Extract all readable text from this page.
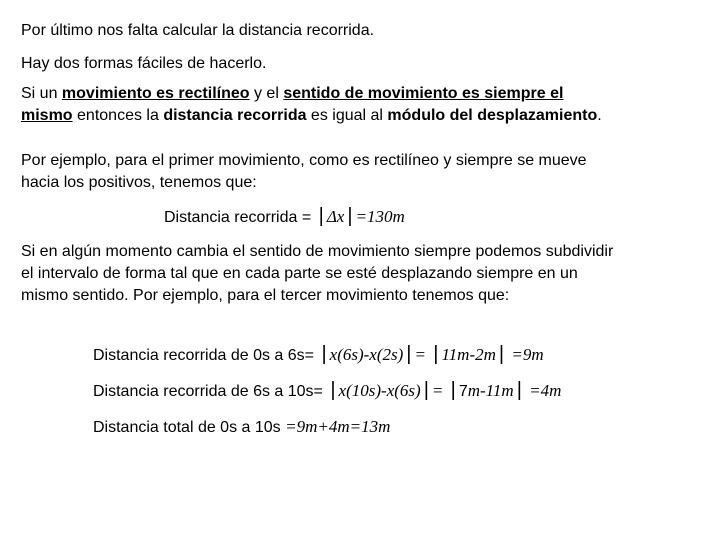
Por último nos falta calcular la distancia recorrida.
Hay dos formas fáciles de hacerlo.
Si un movimiento es rectilíneo y el sentido de movimiento es siempre el
mismo entonces la distancia recorrida es igual al módulo del desplazamiento.
Por ejemplo, para el primer movimiento, como es rectilíneo y siempre se mueve
hacia los positivos, tenemos que:
Distancia recorrida = | Δx | =130m
Si en algún momento cambia el sentido de movimiento siempre podemos subdividir
el intervalo de forma tal que en cada parte se esté desplazando siempre en un
mismo sentido. Por ejemplo, para el tercer movimiento tenemos que:
Distancia recorrida de 0s a 6s= | x(6s)-x(2s) | = | 11m-2m | =9m
Distancia recorrida de 6s a 10s= | x(10s)-x(6s) | = | 7m-11m | =4m
Distancia total de 0s a 10s =9m+4m=13m
